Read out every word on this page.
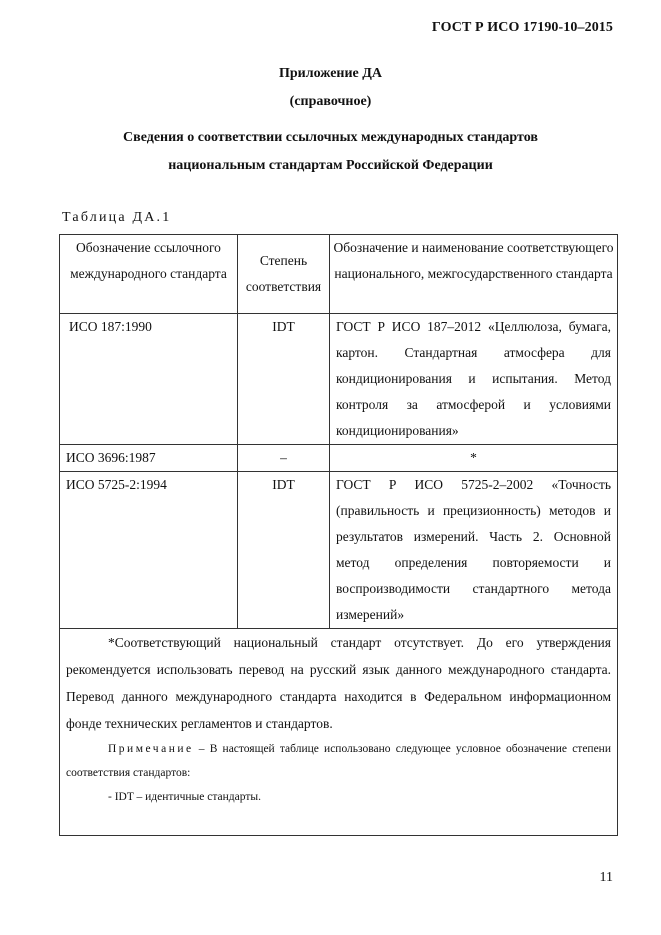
ГОСТ Р ИСО 17190-10–2015
Приложение ДА
(справочное)
Сведения о соответствии ссылочных международных стандартов
национальным стандартам Российской Федерации
Таблица ДА.1
Обозначение ссылочного международного стандарта	Степень соответствия	Обозначение и наименование соответствующего национального, межгосударственного стандарта
ИСО 187:1990	IDT	ГОСТ Р ИСО 187–2012 «Целлюлоза, бумага, картон. Стандартная атмосфера для кондиционирования и испытания. Метод контроля за атмосферой и условиями кондиционирования»
ИСО 3696:1987	–	*
ИСО 5725-2:1994	IDT	ГОСТ Р ИСО 5725-2–2002 «Точность (правильность и прецизионность) методов и результатов измерений. Часть 2. Основной метод определения повторяемости и воспроизводимости стандартного метода измерений»

*Соответствующий национальный стандарт отсутствует. До его утверждения рекомендуется использовать перевод на русский язык данного международного стандарта. Перевод данного международного стандарта находится в Федеральном информационном фонде технических регламентов и стандартов.
Примечание – В настоящей таблице использовано следующее условное обозначение степени соответствия стандартов:
- IDT – идентичные стандарты.		
11
